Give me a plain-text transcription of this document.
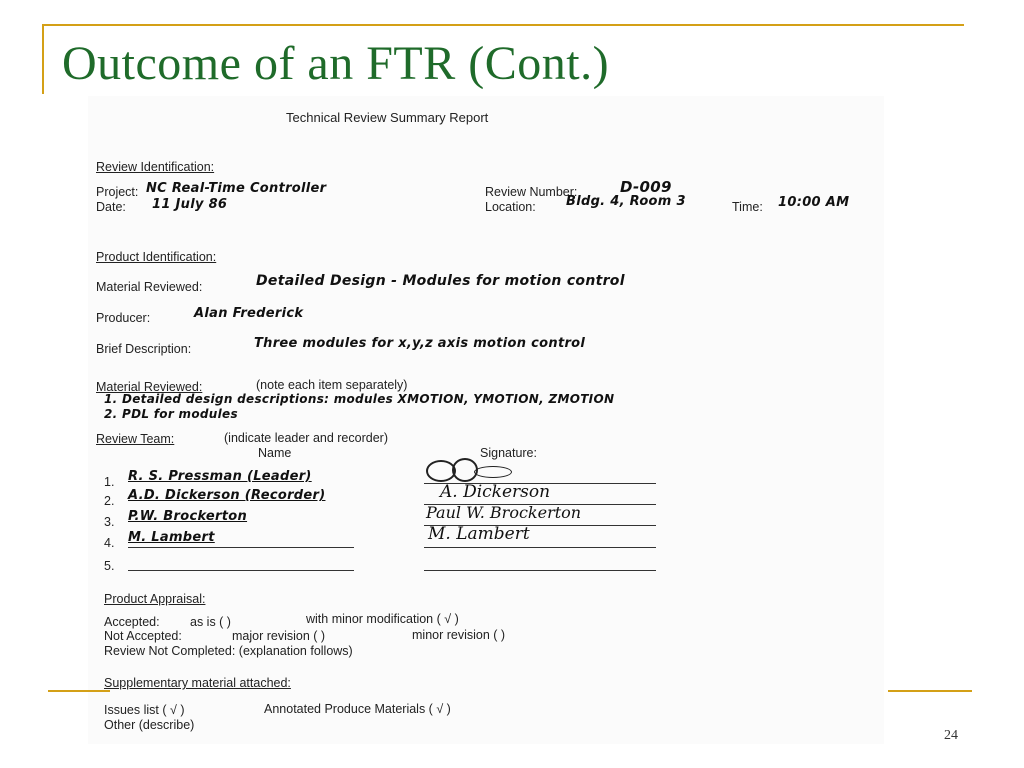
Outcome of an FTR (Cont.)
Technical Review Summary Report
Review Identification:
Project: NC Real-Time Controller
Date: 11 July 86
Review Number:	D-009
Location: Bldg. 4, Room 3	Time: 10:00 AM
Product Identification:
Material Reviewed:	Detailed Design - Modules for motion control
Producer:	Alan Frederick
Brief Description:	Three modules for x,y,z axis motion control
Material Reviewed:	(note each item separately)
1. Detailed design descriptions: modules XMOTION, YMOTION, ZMOTION
2. PDL for modules
Review Team:	(indicate leader and recorder)
Name	Signature:
1. R. S. Pressman (Leader)
2. A.D. Dickerson (Recorder)	A. Dickerson
3. P.W. Brockerton	Paul W. Brockerton
4. M. Lambert	M. Lambert
5.
Product Appraisal:
Accepted: as is ( )	with minor modification ( √ )
Not Accepted:	major revision ( )	minor revision ( )
Review Not Completed: (explanation follows)
Supplementary material attached:
Issues list ( √ )	Annotated Produce Materials ( √ )
Other (describe)
24
